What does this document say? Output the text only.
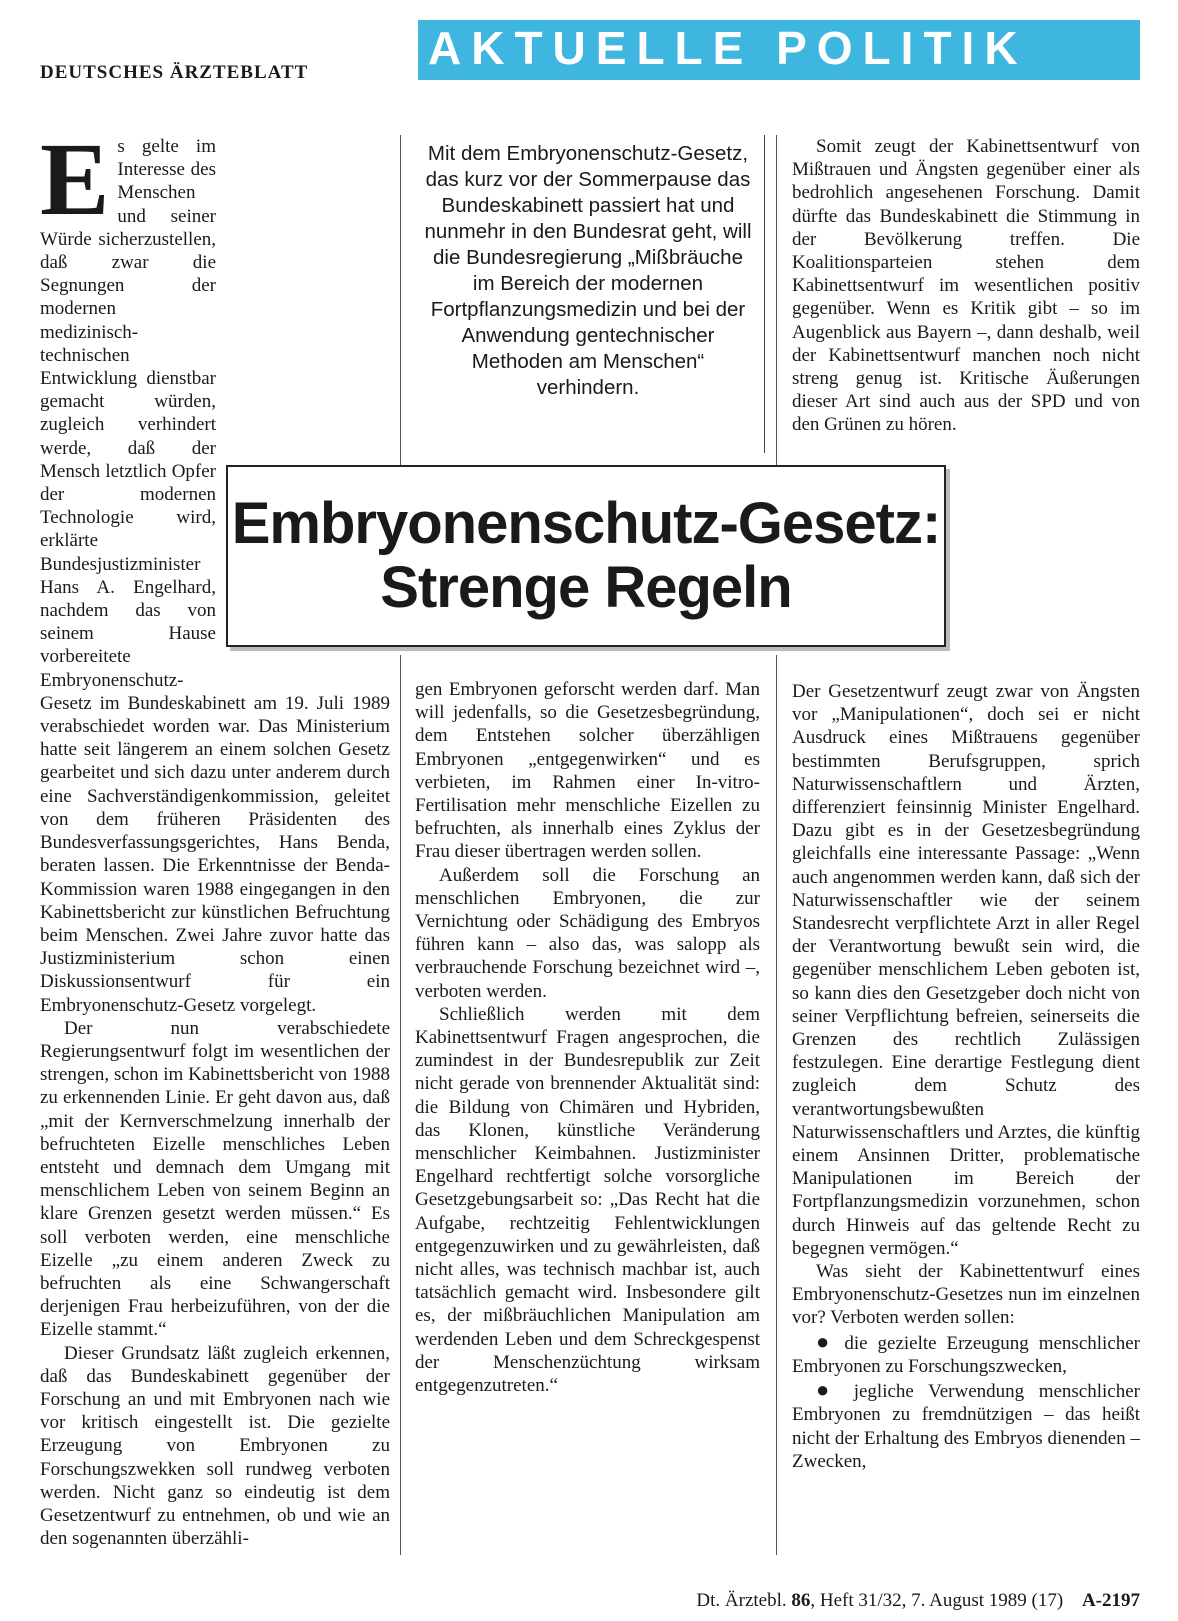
DEUTSCHES ÄRZTEBLATT	AKTUELLE POLITIK

Es gelte im Interesse des Menschen und seiner Würde sicherzustellen, daß zwar die Segnungen der modernen medizinisch-technischen Entwicklung dienstbar gemacht würden, zugleich verhindert werde, daß der Mensch letztlich Opfer der modernen Technologie wird, erklärte Bundesjustizminister Hans A. Engelhard, nachdem das von seinem Hause vorbereitete Embryonenschutz-Gesetz im Bundeskabinett am 19. Juli 1989 verabschiedet worden war. Das Ministerium hatte seit längerem an einem solchen Gesetz gearbeitet und sich dazu unter anderem durch eine Sachverständigenkommission, geleitet von dem früheren Präsidenten des Bundesverfassungsgerichtes, Hans Benda, beraten lassen. Die Erkenntnisse der Benda-Kommission waren 1988 eingegangen in den Kabinettsbericht zur künstlichen Befruchtung beim Menschen. Zwei Jahre zuvor hatte das Justizministerium schon einen Diskussionsentwurf für ein Embryonenschutz-Gesetz vorgelegt.

Der nun verabschiedete Regierungsentwurf folgt im wesentlichen der strengen, schon im Kabinettsbericht von 1988 zu erkennenden Linie. Er geht davon aus, daß „mit der Kernverschmelzung innerhalb der befruchteten Eizelle menschliches Leben entsteht und demnach dem Umgang mit menschlichem Leben von seinem Beginn an klare Grenzen gesetzt werden müssen.“ Es soll verboten werden, eine menschliche Eizelle „zu einem anderen Zweck zu befruchten als eine Schwangerschaft derjenigen Frau herbeizuführen, von der die Eizelle stammt.“

Dieser Grundsatz läßt zugleich erkennen, daß das Bundeskabinett gegenüber der Forschung an und mit Embryonen nach wie vor kritisch eingestellt ist. Die gezielte Erzeugung von Embryonen zu Forschungszwekken soll rundweg verboten werden. Nicht ganz so eindeutig ist dem Gesetzentwurf zu entnehmen, ob und wie an den sogenannten überzähli-

Mit dem Embryonenschutz-Gesetz, das kurz vor der Sommerpause das Bundeskabinett passiert hat und nunmehr in den Bundesrat geht, will die Bundesregierung „Mißbräuche im Bereich der modernen Fortpflanzungsmedizin und bei der Anwendung gentechnischer Methoden am Menschen“ verhindern.
Embryonenschutz-Gesetz:
Strenge Regeln

gen Embryonen geforscht werden darf. Man will jedenfalls, so die Gesetzesbegründung, dem Entstehen solcher überzähligen Embryonen „entgegenwirken“ und es verbieten, im Rahmen einer In-vitro-Fertilisation mehr menschliche Eizellen zu befruchten, als innerhalb eines Zyklus der Frau dieser übertragen werden sollen.

Außerdem soll die Forschung an menschlichen Embryonen, die zur Vernichtung oder Schädigung des Embryos führen kann – also das, was salopp als verbrauchende Forschung bezeichnet wird –, verboten werden.

Schließlich werden mit dem Kabinettsentwurf Fragen angesprochen, die zumindest in der Bundesrepublik zur Zeit nicht gerade von brennender Aktualität sind: die Bildung von Chimären und Hybriden, das Klonen, künstliche Veränderung menschlicher Keimbahnen. Justizminister Engelhard rechtfertigt solche vorsorgliche Gesetzgebungsarbeit so: „Das Recht hat die Aufgabe, rechtzeitig Fehlentwicklungen entgegenzuwirken und zu gewährleisten, daß nicht alles, was technisch machbar ist, auch tatsächlich gemacht wird. Insbesondere gilt es, der mißbräuchlichen Manipulation am werdenden Leben und dem Schreckgespenst der Menschenzüchtung wirksam entgegenzutreten.“

Somit zeugt der Kabinettsentwurf von Mißtrauen und Ängsten gegenüber einer als bedrohlich angesehenen Forschung. Damit dürfte das Bundeskabinett die Stimmung in der Bevölkerung treffen. Die Koalitionsparteien stehen dem Kabinettsentwurf im wesentlichen positiv gegenüber. Wenn es Kritik gibt – so im Augenblick aus Bayern –, dann deshalb, weil der Kabinettsentwurf manchen noch nicht streng genug ist. Kritische Äußerungen dieser Art sind auch aus der SPD und von den Grünen zu hören.

Der Gesetzentwurf zeugt zwar von Ängsten vor „Manipulationen“, doch sei er nicht Ausdruck eines Mißtrauens gegenüber bestimmten Berufsgruppen, sprich Naturwissenschaftlern und Ärzten, differenziert feinsinnig Minister Engelhard. Dazu gibt es in der Gesetzesbegründung gleichfalls eine interessante Passage: „Wenn auch angenommen werden kann, daß sich der Naturwissenschaftler wie der seinem Standesrecht verpflichtete Arzt in aller Regel der Verantwortung bewußt sein wird, die gegenüber menschlichem Leben geboten ist, so kann dies den Gesetzgeber doch nicht von seiner Verpflichtung befreien, seinerseits die Grenzen des rechtlich Zulässigen festzulegen. Eine derartige Festlegung dient zugleich dem Schutz des verantwortungsbewußten Naturwissenschaftlers und Arztes, die künftig einem Ansinnen Dritter, problematische Manipulationen im Bereich der Fortpflanzungsmedizin vorzunehmen, schon durch Hinweis auf das geltende Recht zu begegnen vermögen.“

Was sieht der Kabinettentwurf eines Embryonenschutz-Gesetzes nun im einzelnen vor? Verboten werden sollen:

● die gezielte Erzeugung menschlicher Embryonen zu Forschungszwecken,

● jegliche Verwendung menschlicher Embryonen zu fremdnützigen – das heißt nicht der Erhaltung des Embryos dienenden – Zwecken,

Dt. Ärztebl. 86, Heft 31/32, 7. August 1989 (17) A-2197
